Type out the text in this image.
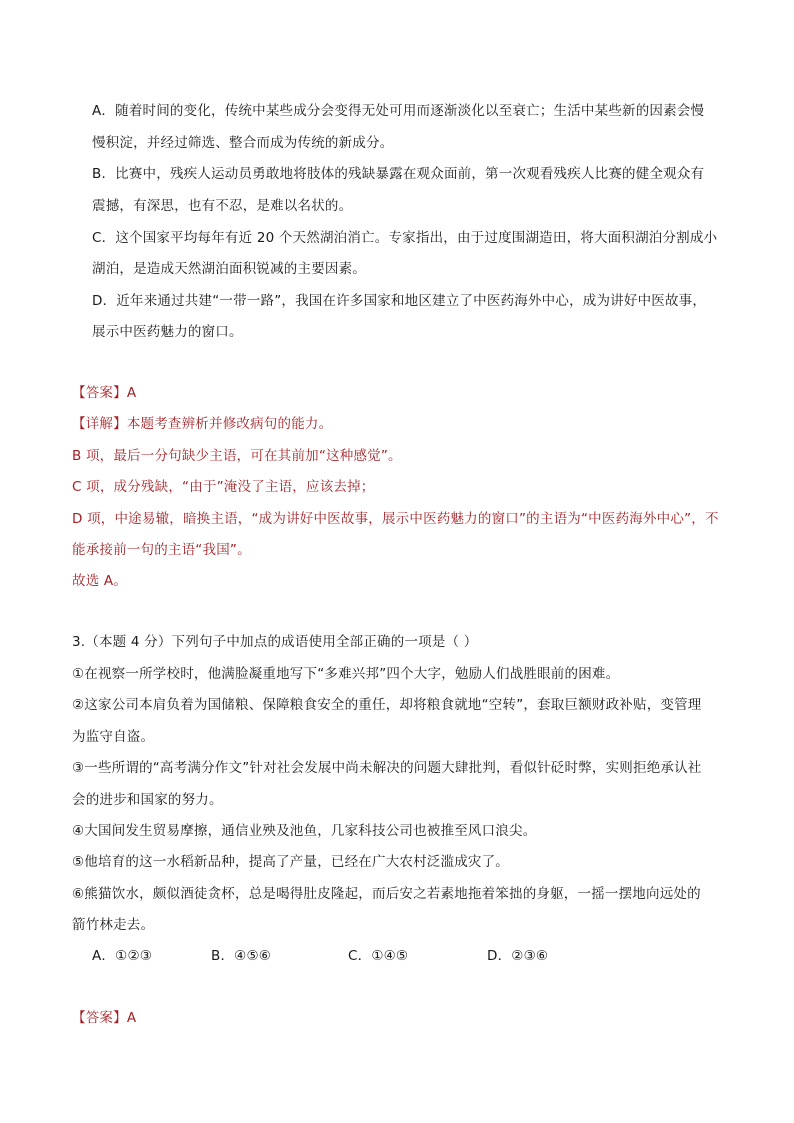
A．随着时间的变化，传统中某些成分会变得无处可用而逐渐淡化以至衰亡；生活中某些新的因素会慢
慢积淀，并经过筛选、整合而成为传统的新成分。
B．比赛中，残疾人运动员勇敢地将肢体的残缺暴露在观众面前，第一次观看残疾人比赛的健全观众有
震撼，有深思，也有不忍，是难以名状的。
C．这个国家平均每年有近 20 个天然湖泊消亡。专家指出，由于过度围湖造田，将大面积湖泊分割成小
湖泊，是造成天然湖泊面积锐减的主要因素。
D．近年来通过共建“一带一路”，我国在许多国家和地区建立了中医药海外中心，成为讲好中医故事，
展示中医药魅力的窗口。
【答案】A
【详解】本题考查辨析并修改病句的能力。
B 项，最后一分句缺少主语，可在其前加“这种感觉”。
C 项，成分残缺，“由于”淹没了主语，应该去掉；
D 项，中途易辙，暗换主语，“成为讲好中医故事，展示中医药魅力的窗口”的主语为“中医药海外中心”，不
能承接前一句的主语“我国”。
故选 A。
3.（本题 4 分）下列句子中加点的成语使用全部正确的一项是（ ）
①在视察一所学校时，他满脸凝重地写下“多难兴邦”四个大字，勉励人们战胜眼前的困难。
②这家公司本肩负着为国储粮、保障粮食安全的重任，却将粮食就地“空转”，套取巨额财政补贴，变管理
为监守自盗。
③一些所谓的“高考满分作文”针对社会发展中尚未解决的问题大肆批判，看似针砭时弊，实则拒绝承认社
会的进步和国家的努力。
④大国间发生贸易摩擦，通信业殃及池鱼，几家科技公司也被推至风口浪尖。
⑤他培育的这一水稻新品种，提高了产量，已经在广大农村泛滥成灾了。
⑥熊猫饮水，颇似酒徒贪杯，总是喝得肚皮隆起，而后安之若素地拖着笨拙的身躯，一摇一摆地向远处的
箭竹林走去。
A．①②③	B．④⑤⑥	C．①④⑤	D．②③⑥
【答案】A
